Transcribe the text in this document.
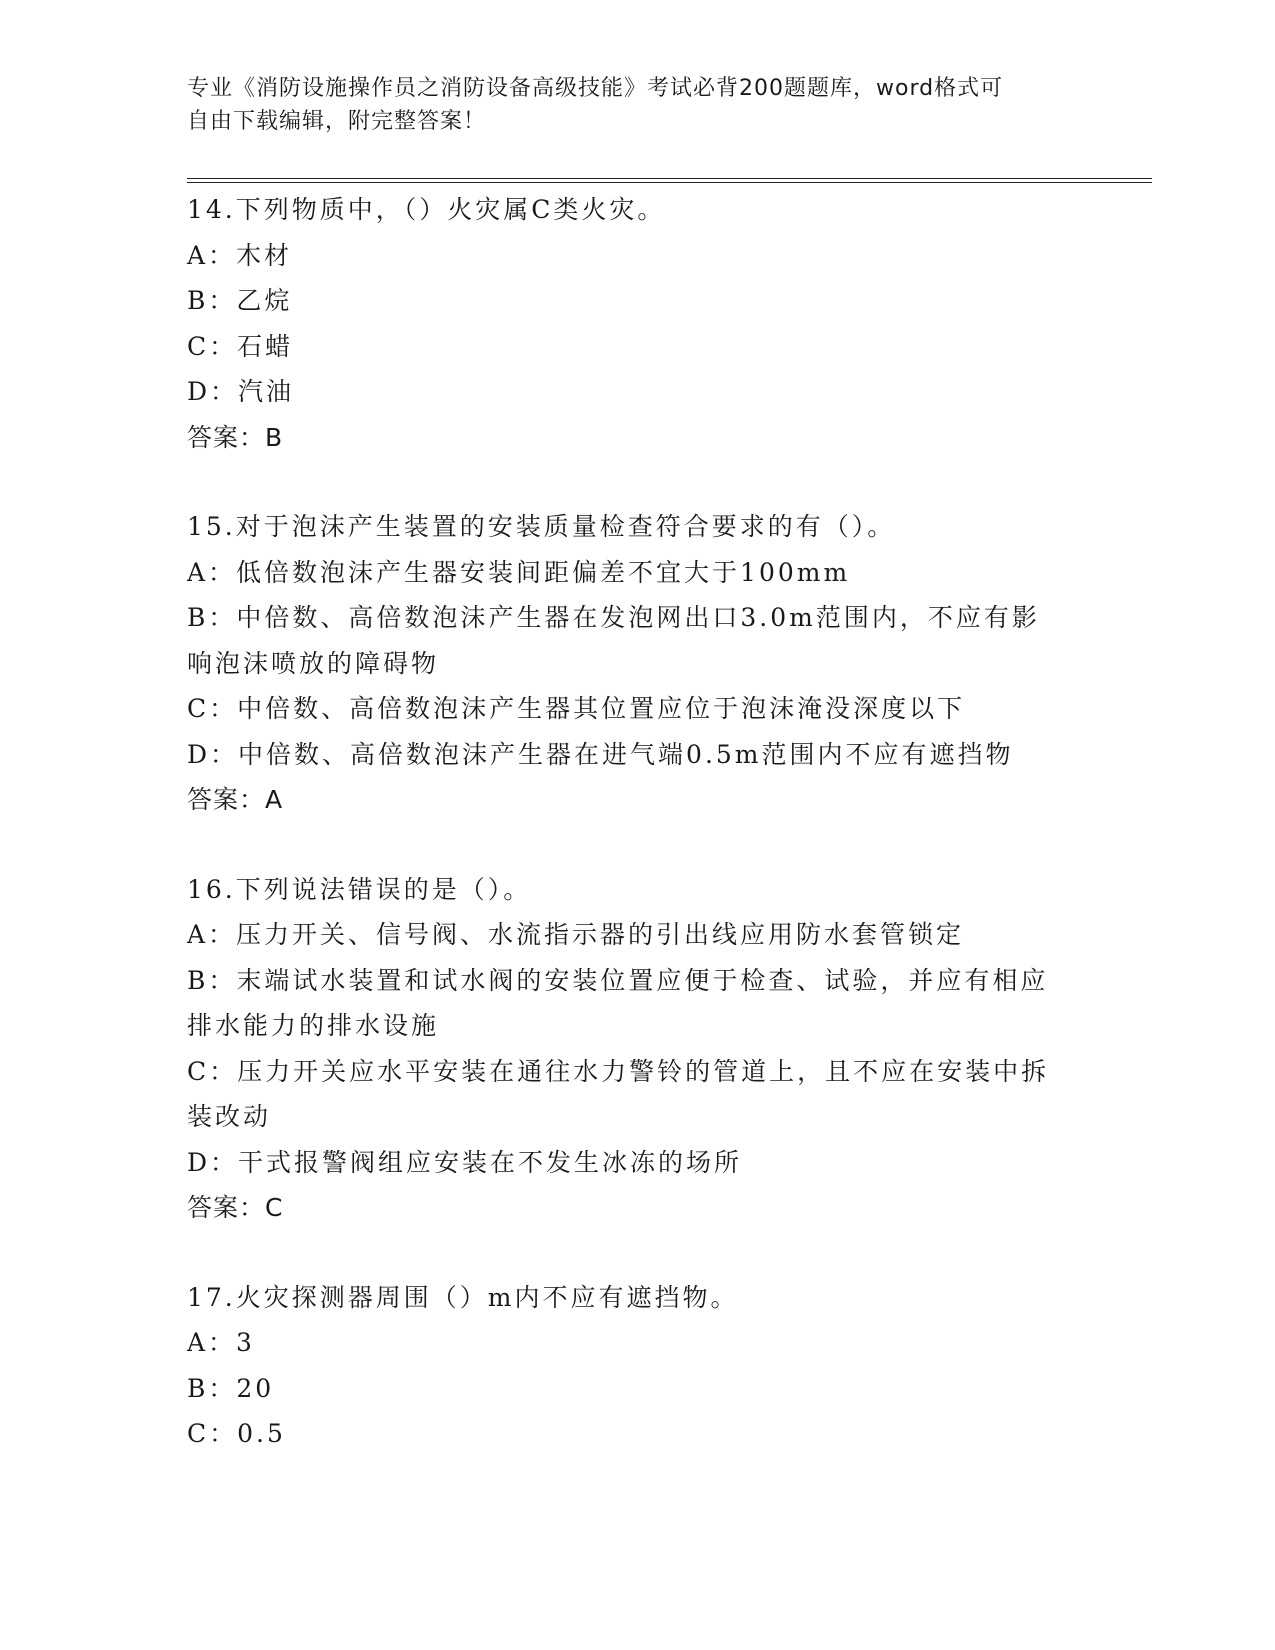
专业《消防设施操作员之消防设备高级技能》考试必背200题题库，word格式可
自由下载编辑，附完整答案！
14.下列物质中，（）火灾属C类火灾。
A：木材
B：乙烷
C：石蜡
D：汽油
答案：B
15.对于泡沫产生装置的安装质量检查符合要求的有（）。
A：低倍数泡沫产生器安装间距偏差不宜大于100mm
B：中倍数、高倍数泡沫产生器在发泡网出口3.0m范围内，不应有影
响泡沫喷放的障碍物
C：中倍数、高倍数泡沫产生器其位置应位于泡沫淹没深度以下
D：中倍数、高倍数泡沫产生器在进气端0.5m范围内不应有遮挡物
答案：A
16.下列说法错误的是（）。
A：压力开关、信号阀、水流指示器的引出线应用防水套管锁定
B：末端试水装置和试水阀的安装位置应便于检查、试验，并应有相应
排水能力的排水设施
C：压力开关应水平安装在通往水力警铃的管道上，且不应在安装中拆
装改动
D：干式报警阀组应安装在不发生冰冻的场所
答案：C
17.火灾探测器周围（）m内不应有遮挡物。
A：3
B：20
C：0.5
